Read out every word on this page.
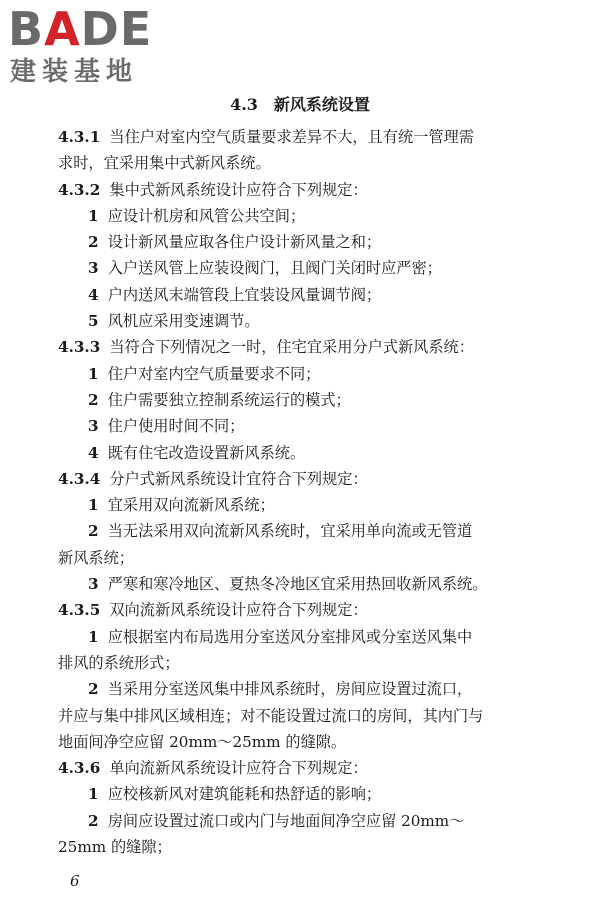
BADE
建装基地
4.3　新风系统设置
4.3.1 当住户对室内空气质量要求差异不大，且有统一管理需
求时，宜采用集中式新风系统。
4.3.2 集中式新风系统设计应符合下列规定：
1 应设计机房和风管公共空间；
2 设计新风量应取各住户设计新风量之和；
3 入户送风管上应装设阀门，且阀门关闭时应严密；
4 户内送风末端管段上宜装设风量调节阀；
5 风机应采用变速调节。
4.3.3 当符合下列情况之一时，住宅宜采用分户式新风系统：
1 住户对室内空气质量要求不同；
2 住户需要独立控制系统运行的模式；
3 住户使用时间不同；
4 既有住宅改造设置新风系统。
4.3.4 分户式新风系统设计宜符合下列规定：
1 宜采用双向流新风系统；
2 当无法采用双向流新风系统时，宜采用单向流或无管道
新风系统；
3 严寒和寒冷地区、夏热冬冷地区宜采用热回收新风系统。
4.3.5 双向流新风系统设计应符合下列规定：
1 应根据室内布局选用分室送风分室排风或分室送风集中
排风的系统形式；
2 当采用分室送风集中排风系统时，房间应设置过流口，
并应与集中排风区域相连；对不能设置过流口的房间，其内门与
地面间净空应留 20mm～25mm 的缝隙。
4.3.6 单向流新风系统设计应符合下列规定：
1 应校核新风对建筑能耗和热舒适的影响；
2 房间应设置过流口或内门与地面间净空应留 20mm～
25mm 的缝隙；
6
